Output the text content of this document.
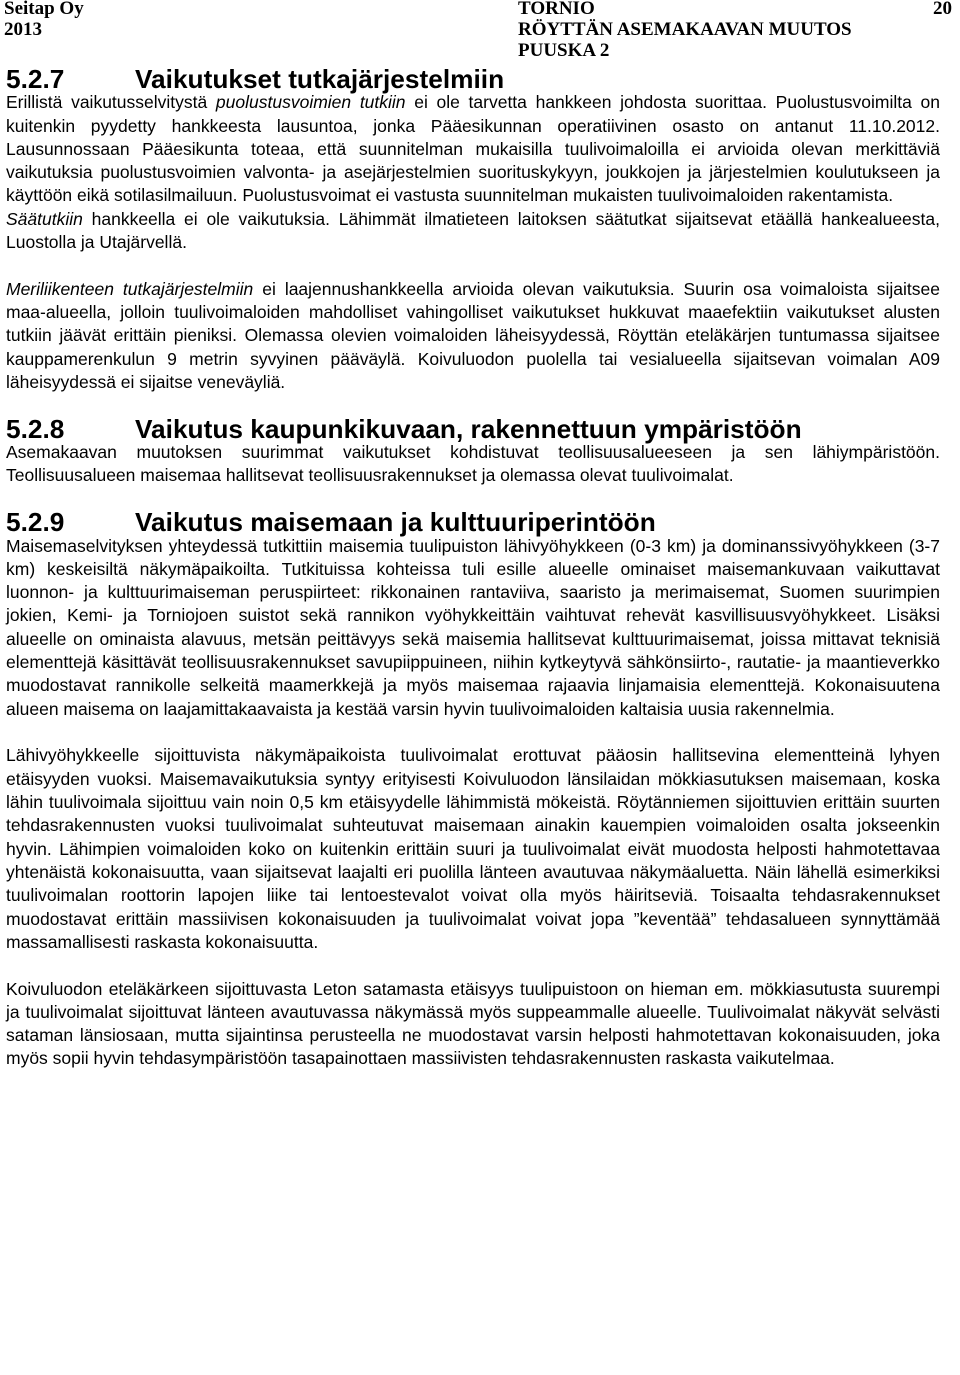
Seitap Oy
2013
TORNIO
RÖYTTÄN ASEMAKAAVAN MUUTOS
PUUSKA 2
20
5.2.7	Vaikutukset tutkajärjestelmiin

Erillistä vaikutusselvitystä puolustusvoimien tutkiin ei ole tarvetta hankkeen johdosta suorittaa. Puolustusvoimilta on kuitenkin pyydetty hankkeesta lausuntoa, jonka Pääesikunnan operatiivinen osasto on antanut 11.10.2012. Lausunnossaan Pääesikunta toteaa, että suunnitelman mukaisilla tuulivoimaloilla ei arvioida olevan merkittäviä vaikutuksia puolustusvoimien valvonta- ja asejärjestelmien suorituskykyyn, joukkojen ja järjestelmien koulutukseen ja käyttöön eikä sotilasilmailuun. Puolustusvoimat ei vastusta suunnitelman mukaisten tuulivoimaloiden rakentamista.

Säätutkiin hankkeella ei ole vaikutuksia. Lähimmät ilmatieteen laitoksen säätutkat sijaitsevat etäällä hankealueesta, Luostolla ja Utajärvellä.

Meriliikenteen tutkajärjestelmiin ei laajennushankkeella arvioida olevan vaikutuksia. Suurin osa voimaloista sijaitsee maa-alueella, jolloin tuulivoimaloiden mahdolliset vahingolliset vaikutukset hukkuvat maaefektiin vaikutukset alusten tutkiin jäävät erittäin pieniksi. Olemassa olevien voimaloiden läheisyydessä, Röyttän eteläkärjen tuntumassa sijaitsee kauppamerenkulun 9 metrin syvyinen pääväylä. Koivuluodon puolella tai vesialueella sijaitsevan voimalan A09 läheisyydessä ei sijaitse veneväyliä.

5.2.8	Vaikutus kaupunkikuvaan, rakennettuun ympäristöön

Asemakaavan muutoksen suurimmat vaikutukset kohdistuvat teollisuusalueeseen ja sen lähiympäristöön. Teollisuusalueen maisemaa hallitsevat teollisuusrakennukset ja olemassa olevat tuulivoimalat.

5.2.9	Vaikutus maisemaan ja kulttuuriperintöön

Maisemaselvityksen yhteydessä tutkittiin maisemia tuulipuiston lähivyöhykkeen (0-3 km) ja dominanssivyöhykkeen (3-7 km) keskeisiltä näkymäpaikoilta. Tutkituissa kohteissa tuli esille alueelle ominaiset maisemankuvaan vaikuttavat luonnon- ja kulttuurimaiseman peruspiirteet: rikkonainen rantaviiva, saaristo ja merimaisemat, Suomen suurimpien jokien, Kemi- ja Torniojoen suistot sekä rannikon vyöhykkeittäin vaihtuvat rehevät kasvillisuusvyöhykkeet. Lisäksi alueelle on ominaista alavuus, metsän peittävyys sekä maisemia hallitsevat kulttuurimaisemat, joissa mittavat teknisiä elementtejä käsittävät teollisuusrakennukset savupiippuineen, niihin kytkeytyvä sähkönsiirto-, rautatie- ja maantieverkko muodostavat rannikolle selkeitä maamerkkejä ja myös maisemaa rajaavia linjamaisia elementtejä. Kokonaisuutena alueen maisema on laajamittakaavaista ja kestää varsin hyvin tuulivoimaloiden kaltaisia uusia rakennelmia.

Lähivyöhykkeelle sijoittuvista näkymäpaikoista tuulivoimalat erottuvat pääosin hallitsevina elementteinä lyhyen etäisyyden vuoksi. Maisemavaikutuksia syntyy erityisesti Koivuluodon länsilaidan mökkiasutuksen maisemaan, koska lähin tuulivoimala sijoittuu vain noin 0,5 km etäisyydelle lähimmistä mökeistä. Röytänniemen sijoittuvien erittäin suurten tehdasrakennusten vuoksi tuulivoimalat suhteutuvat maisemaan ainakin kauempien voimaloiden osalta jokseenkin hyvin. Lähimpien voimaloiden koko on kuitenkin erittäin suuri ja tuulivoimalat eivät muodosta helposti hahmotettavaa yhtenäistä kokonaisuutta, vaan sijaitsevat laajalti eri puolilla länteen avautuvaa näkymäaluetta. Näin lähellä esimerkiksi tuulivoimalan roottorin lapojen liike tai lentoestevalot voivat olla myös häiritseviä. Toisaalta tehdasrakennukset muodostavat erittäin massiivisen kokonaisuuden ja tuulivoimalat voivat jopa ”keventää” tehdasalueen synnyttämää massamallisesti raskasta kokonaisuutta.

Koivuluodon eteläkärkeen sijoittuvasta Leton satamasta etäisyys tuulipuistoon on hieman em. mökkiasutusta suurempi ja tuulivoimalat sijoittuvat länteen avautuvassa näkymässä myös suppeammalle alueelle. Tuulivoimalat näkyvät selvästi sataman länsiosaan, mutta sijaintinsa perusteella ne muodostavat varsin helposti hahmotettavan kokonaisuuden, joka myös sopii hyvin tehdasympäristöön tasapainottaen massiivisten tehdasrakennusten raskasta vaikutelmaa.
